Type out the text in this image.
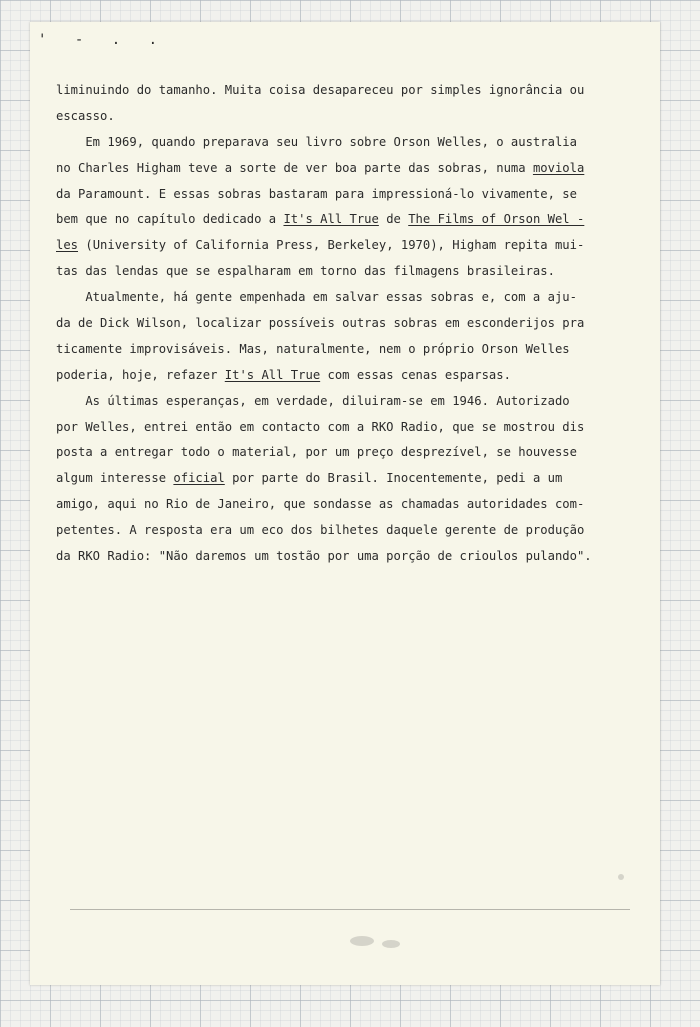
' - . .
liminuindo do tamanho. Muita coisa desapareceu por simples ignorância ou
escasso.
Em 1969, quando preparava seu livro sobre Orson Welles, o australia
no Charles Higham teve a sorte de ver boa parte das sobras, numa moviola
da Paramount. E essas sobras bastaram para impressioná-lo vivamente, se
bem que no capítulo dedicado a It's All True de The Films of Orson Wel -
les (University of California Press, Berkeley, 1970), Higham repita mui-
tas das lendas que se espalharam em torno das filmagens brasileiras.
Atualmente, há gente empenhada em salvar essas sobras e, com a aju-
da de Dick Wilson, localizar possíveis outras sobras em esconderijos pra
ticamente improvisáveis. Mas, naturalmente, nem o próprio Orson Welles
poderia, hoje, refazer It's All True com essas cenas esparsas.
As últimas esperanças, em verdade, diluiram-se em 1946. Autorizado
por Welles, entrei então em contacto com a RKO Radio, que se mostrou dis
posta a entregar todo o material, por um preço desprezível, se houvesse
algum interesse oficial por parte do Brasil. Inocentemente, pedi a um
amigo, aqui no Rio de Janeiro, que sondasse as chamadas autoridades com-
petentes. A resposta era um eco dos bilhetes daquele gerente de produção
da RKO Radio: "Não daremos um tostão por uma porção de crioulos pulando".
